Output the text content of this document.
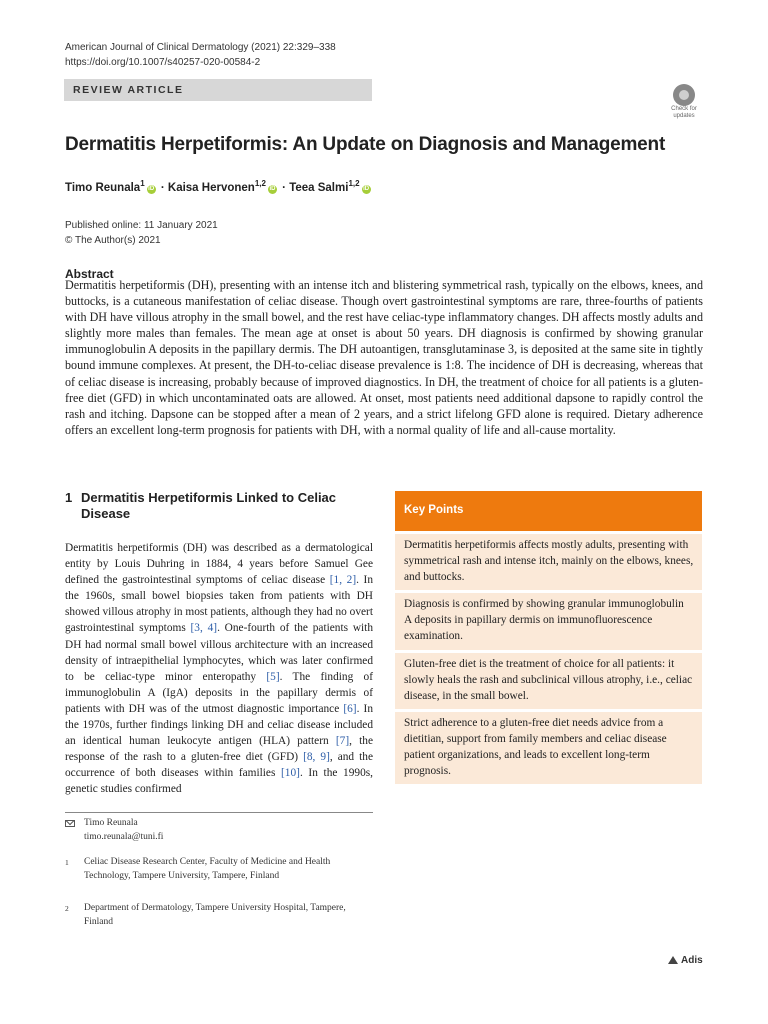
American Journal of Clinical Dermatology (2021) 22:329–338
https://doi.org/10.1007/s40257-020-00584-2
REVIEW ARTICLE
Check for
updates
Dermatitis Herpetiformis: An Update on Diagnosis and Management
Timo Reunala$^1$iD · Kaisa Hervonen$^{1,2}$iD · Teea Salmi$^{1,2}$iD
Published online: 11 January 2021
© The Author(s) 2021
Abstract
Dermatitis herpetiformis (DH), presenting with an intense itch and blistering symmetrical rash, typically on the elbows, knees, and buttocks, is a cutaneous manifestation of celiac disease. Though overt gastrointestinal symptoms are rare, three-fourths of patients with DH have villous atrophy in the small bowel, and the rest have celiac-type inflammatory changes. DH affects mostly adults and slightly more males than females. The mean age at onset is about 50 years. DH diagnosis is confirmed by showing granular immunoglobulin A deposits in the papillary dermis. The DH autoantigen, transglutaminase 3, is deposited at the same site in tightly bound immune complexes. At present, the DH-to-celiac disease prevalence is 1:8. The incidence of DH is decreasing, whereas that of celiac disease is increasing, probably because of improved diagnostics. In DH, the treatment of choice for all patients is a gluten-free diet (GFD) in which uncontaminated oats are allowed. At onset, most patients need additional dapsone to rapidly control the rash and itching. Dapsone can be stopped after a mean of 2 years, and a strict lifelong GFD alone is required. Dietary adherence offers an excellent long-term prognosis for patients with DH, with a normal quality of life and all-cause mortality.
1 Dermatitis Herpetiformis Linked to Celiac
Disease
Dermatitis herpetiformis (DH) was described as a dermatological entity by Louis Duhring in 1884, 4 years before Samuel Gee defined the gastrointestinal symptoms of celiac disease [1, 2]. In the 1960s, small bowel biopsies taken from patients with DH showed villous atrophy in most patients, although they had no overt gastrointestinal symptoms [3, 4]. One-fourth of the patients with DH had normal small bowel villous architecture with an increased density of intraepithelial lymphocytes, which was later confirmed to be celiac-type minor enteropathy [5]. The finding of immunoglobulin A (IgA) deposits in the papillary dermis of patients with DH was of the utmost diagnostic importance [6]. In the 1970s, further findings linking DH and celiac disease included an identical human leukocyte antigen (HLA) pattern [7], the response of the rash to a gluten-free diet (GFD) [8, 9], and the occurrence of both diseases within families [10]. In the 1990s, genetic studies confirmed
Key Points
Dermatitis herpetiformis affects mostly adults, presenting with symmetrical rash and intense itch, mainly on the elbows, knees, and buttocks.
Diagnosis is confirmed by showing granular immunoglobulin A deposits in papillary dermis on immunofluorescence examination.
Gluten-free diet is the treatment of choice for all patients: it slowly heals the rash and subclinical villous atrophy, i.e., celiac disease, in the small bowel.
Strict adherence to a gluten-free diet needs advice from a dietitian, support from family members and celiac disease patient organizations, and leads to excellent long-term prognosis.
Timo Reunala
timo.reunala@tuni.fi
1	Celiac Disease Research Center, Faculty of Medicine and Health Technology, Tampere University, Tampere, Finland
2	Department of Dermatology, Tampere University Hospital, Tampere, Finland
Adis
